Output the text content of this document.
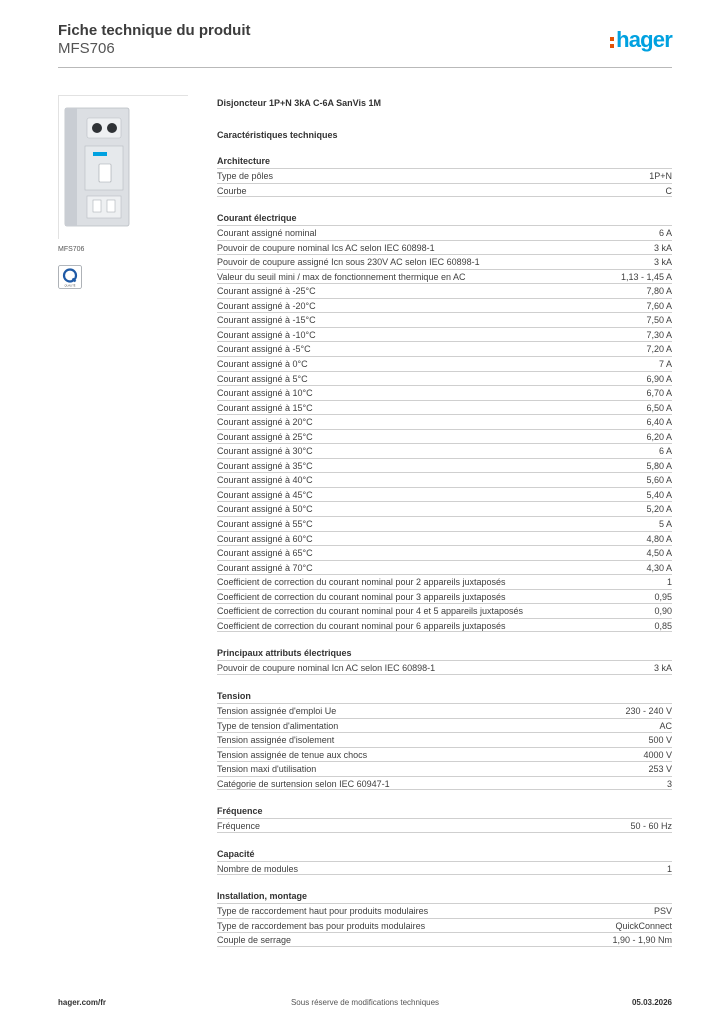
Fiche technique du produit
MFS706	hager
MFS706
QUALITÉ
Disjoncteur 1P+N 3kA C-6A SanVis 1M
Caractéristiques techniques
Architecture
Type de pôles	1P+N
Courbe	C
Courant électrique
Courant assigné nominal	6 A
Pouvoir de coupure nominal Ics AC selon IEC 60898-1	3 kA
Pouvoir de coupure assigné Icn sous 230V AC selon IEC 60898-1	3 kA
Valeur du seuil mini / max de fonctionnement thermique en AC	1,13 - 1,45 A
Courant assigné à -25°C	7,80 A
Courant assigné à -20°C	7,60 A
Courant assigné à -15°C	7,50 A
Courant assigné à -10°C	7,30 A
Courant assigné à -5°C	7,20 A
Courant assigné à 0°C	7 A
Courant assigné à 5°C	6,90 A
Courant assigné à 10°C	6,70 A
Courant assigné à 15°C	6,50 A
Courant assigné à 20°C	6,40 A
Courant assigné à 25°C	6,20 A
Courant assigné à 30°C	6 A
Courant assigné à 35°C	5,80 A
Courant assigné à 40°C	5,60 A
Courant assigné à 45°C	5,40 A
Courant assigné à 50°C	5,20 A
Courant assigné à 55°C	5 A
Courant assigné à 60°C	4,80 A
Courant assigné à 65°C	4,50 A
Courant assigné à 70°C	4,30 A
Coefficient de correction du courant nominal pour 2 appareils juxtaposés	1
Coefficient de correction du courant nominal pour 3 appareils juxtaposés	0,95
Coefficient de correction du courant nominal pour 4 et 5 appareils juxtaposés	0,90
Coefficient de correction du courant nominal pour 6 appareils juxtaposés	0,85
Principaux attributs électriques
Pouvoir de coupure nominal Icn AC selon IEC 60898-1	3 kA
Tension
Tension assignée d'emploi Ue	230 - 240 V
Type de tension d'alimentation	AC
Tension assignée d'isolement	500 V
Tension assignée de tenue aux chocs	4000 V
Tension maxi d'utilisation	253 V
Catégorie de surtension selon IEC 60947-1	3
Fréquence
Fréquence	50 - 60 Hz
Capacité
Nombre de modules	1
Installation, montage
Type de raccordement haut pour produits modulaires	PSV
Type de raccordement bas pour produits modulaires	QuickConnect
Couple de serrage	1,90 - 1,90 Nm
hager.com/fr	Sous réserve de modifications techniques	05.03.2026
